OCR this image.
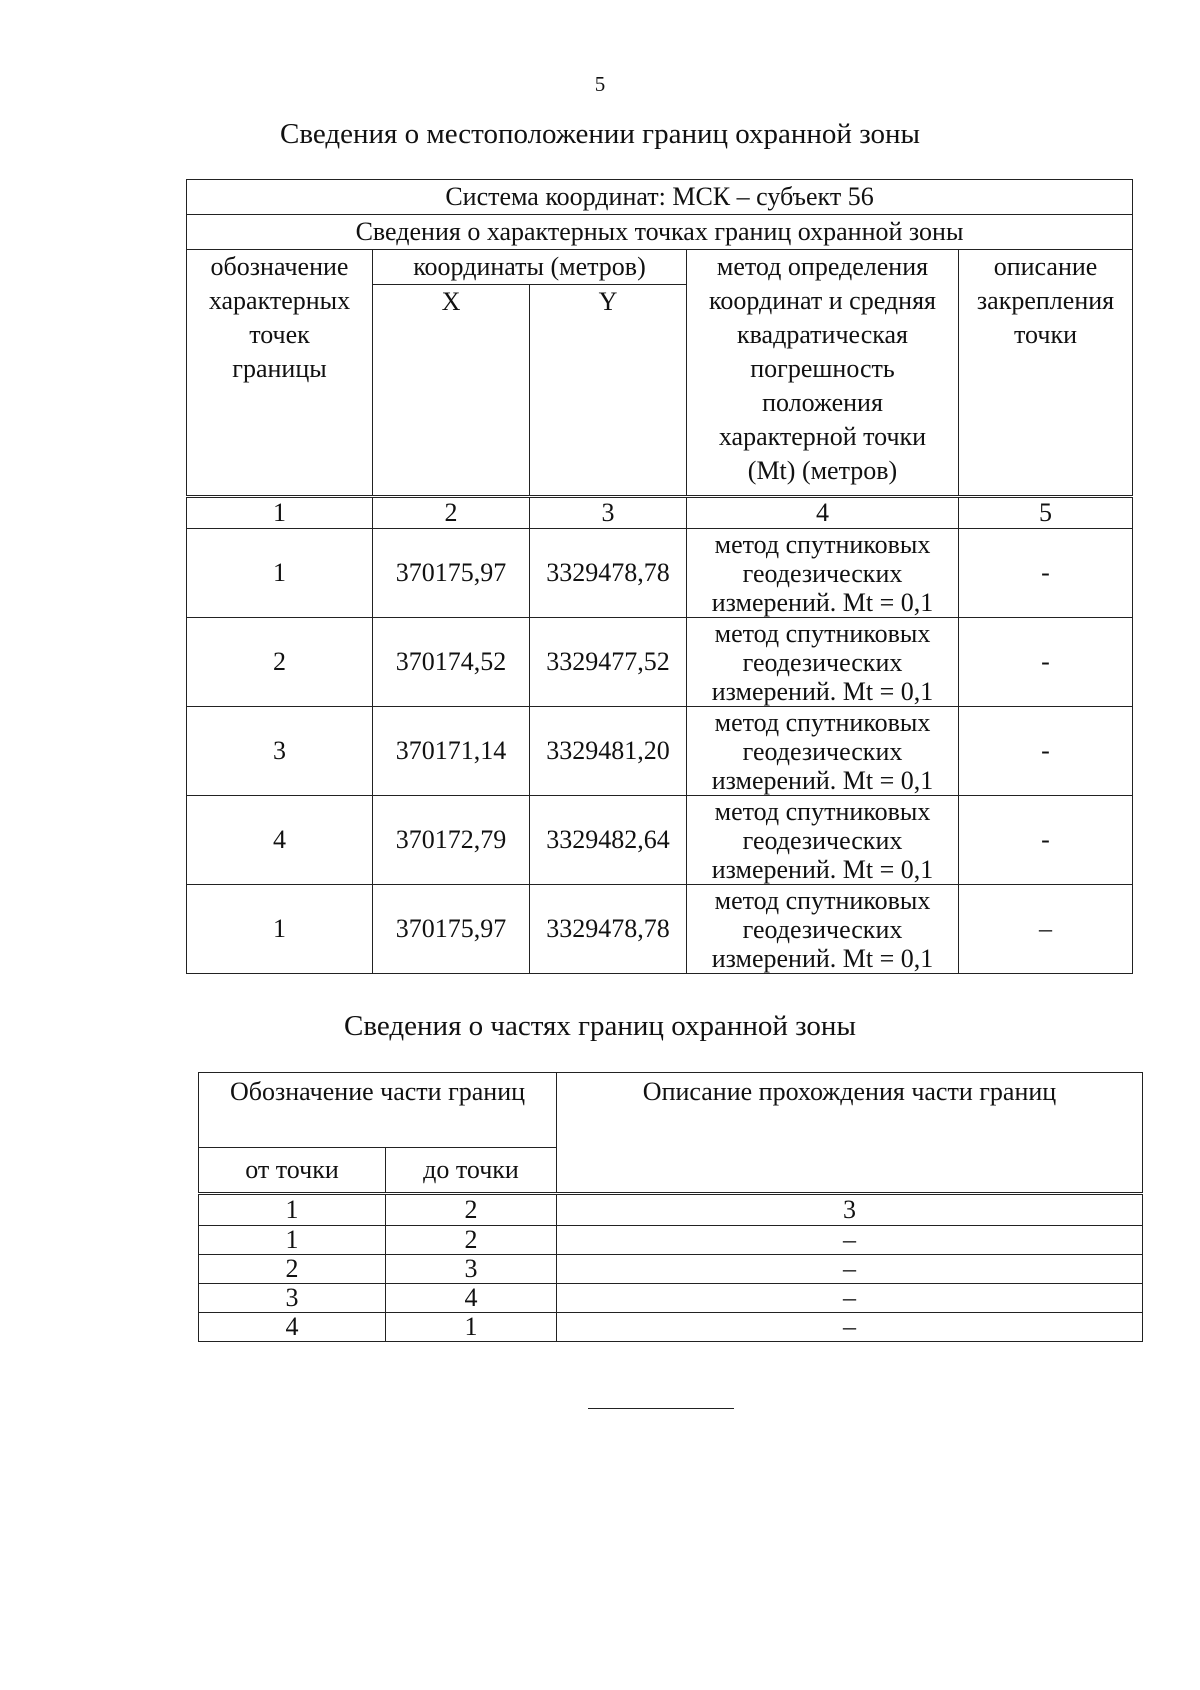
5
Сведения о местоположении границ охранной зоны
Система координат: МСК – субъект 56				
Сведения о характерных точках границ охранной зоны				
обозначение характерных точек границы	координаты (метров)		метод определения координат и средняя квадратическая погрешность положения характерной точки (Mt) (метров)	описание закрепления точки
	X	Y		
1	2	3	4	5
1	370175,97	3329478,78	метод спутниковых геодезических измерений. Mt = 0,1	-
2	370174,52	3329477,52	метод спутниковых геодезических измерений. Mt = 0,1	-
3	370171,14	3329481,20	метод спутниковых геодезических измерений. Mt = 0,1	-
4	370172,79	3329482,64	метод спутниковых геодезических измерений. Mt = 0,1	-
1	370175,97	3329478,78	метод спутниковых геодезических измерений. Mt = 0,1	–
Сведения о частях границ охранной зоны
Обозначение части границ		Описание прохождения части границ
от точки	до точки	
1	2	3
1	2	–
2	3	–
3	4	–
4	1	–
